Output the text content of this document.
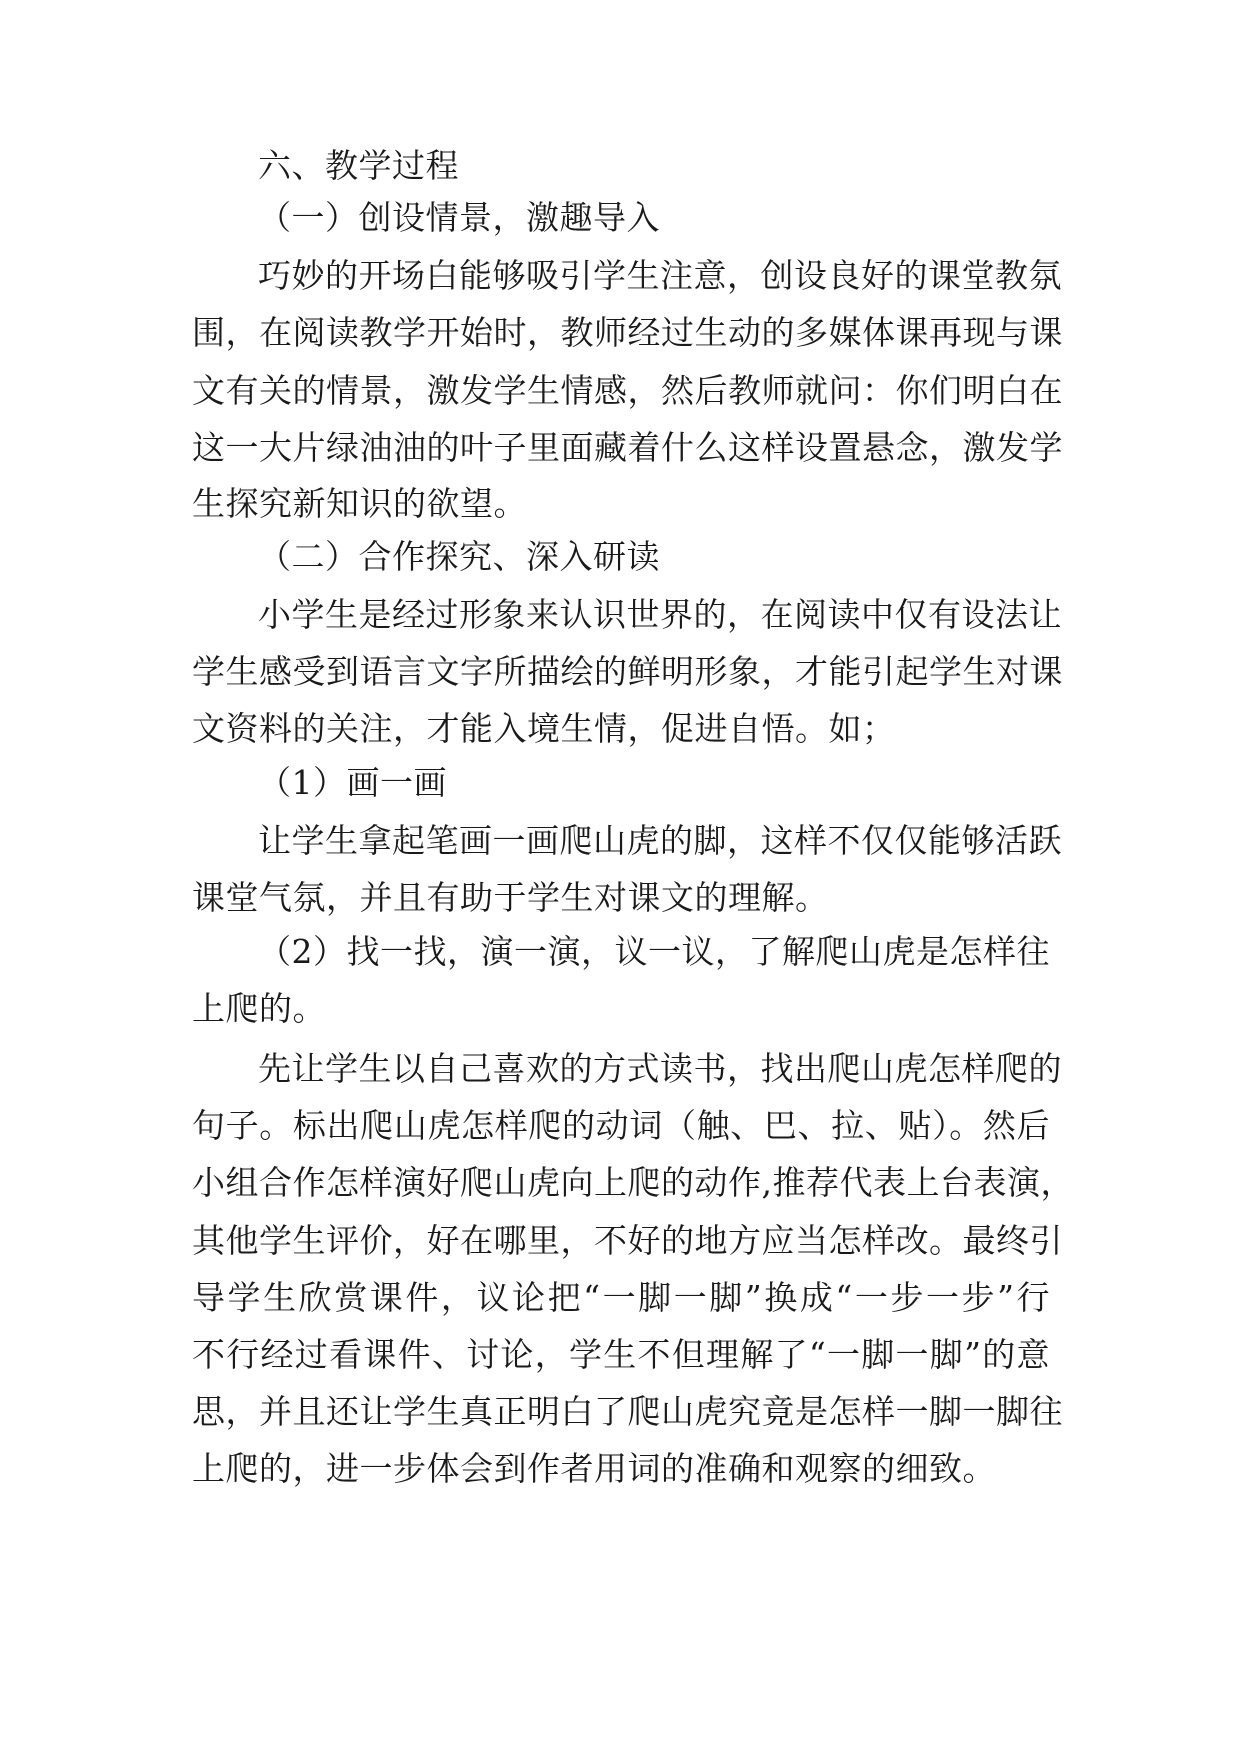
六、教学过程
（一）创设情景，激趣导入
巧妙的开场白能够吸引学生注意，创设良好的课堂教氛
围，在阅读教学开始时，教师经过生动的多媒体课再现与课
文有关的情景，激发学生情感，然后教师就问：你们明白在
这一大片绿油油的叶子里面藏着什么这样设置悬念，激发学
生探究新知识的欲望。
（二）合作探究、深入研读
小学生是经过形象来认识世界的，在阅读中仅有设法让
学生感受到语言文字所描绘的鲜明形象，才能引起学生对课
文资料的关注，才能入境生情，促进自悟。如；
（1）画一画
让学生拿起笔画一画爬山虎的脚，这样不仅仅能够活跃
课堂气氛，并且有助于学生对课文的理解。
（2）找一找，演一演，议一议，了解爬山虎是怎样往
上爬的。
先让学生以自己喜欢的方式读书，找出爬山虎怎样爬的
句子。标出爬山虎怎样爬的动词（触、巴、拉、贴）。然后
小组合作怎样演好爬山虎向上爬的动作,推荐代表上台表演，
其他学生评价，好在哪里，不好的地方应当怎样改。最终引
导学生欣赏课件，议论把“一脚一脚”换成“一步一步”行
不行经过看课件、讨论，学生不但理解了“一脚一脚”的意
思，并且还让学生真正明白了爬山虎究竟是怎样一脚一脚往
上爬的，进一步体会到作者用词的准确和观察的细致。
